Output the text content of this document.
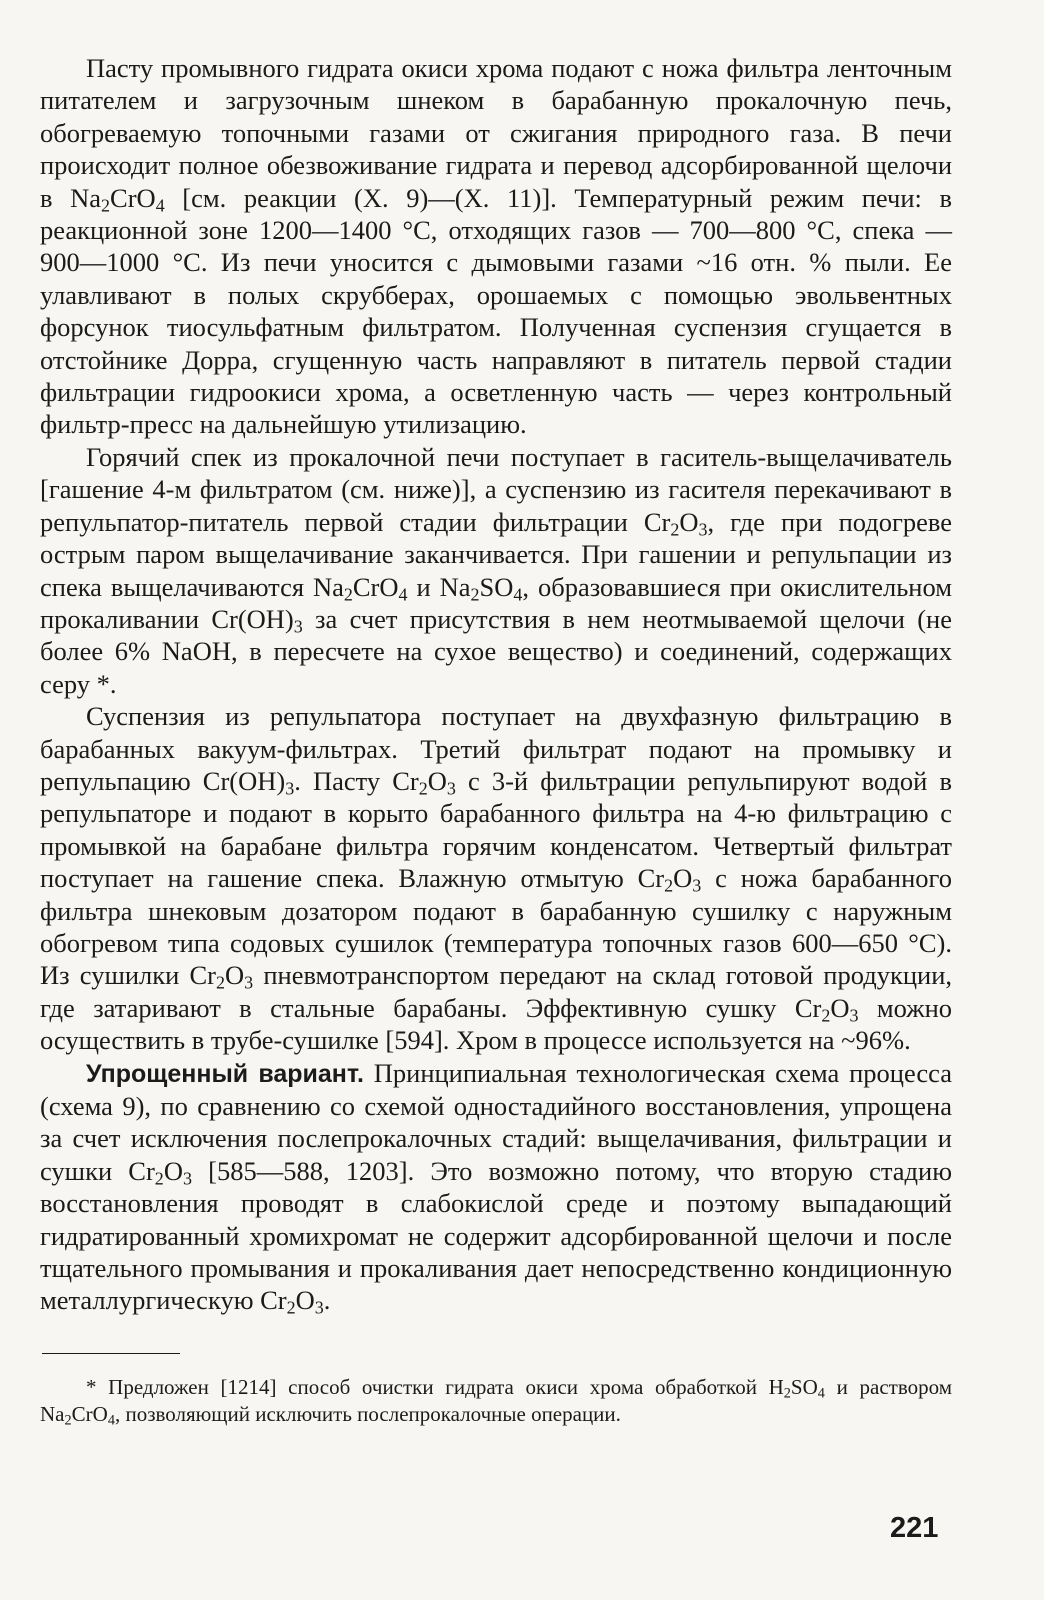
Пасту промывного гидрата окиси хрома подают с ножа фильтра ленточным питателем и загрузочным шнеком в барабанную прокалочную печь, обогреваемую топочными газами от сжигания природного газа. В печи происходит полное обезвоживание гидрата и перевод адсорбированной щелочи в $Na_2CrO_4$ [см. реакции (X. 9)—(X. 11)]. Температурный режим печи: в реакционной зоне 1200—1400 °C, отходящих газов — 700—800 °C, спека — 900—1000 °C. Из печи уносится с дымовыми газами ~16 отн. % пыли. Ее улавливают в полых скрубберах, орошаемых с помощью эвольвентных форсунок тиосульфатным фильтратом. Полученная суспензия сгущается в отстойнике Дорра, сгущенную часть направляют в питатель первой стадии фильтрации гидроокиси хрома, а осветленную часть — через контрольный фильтр-пресс на дальнейшую утилизацию.

Горячий спек из прокалочной печи поступает в гаситель-выщелачиватель [гашение 4-м фильтратом (см. ниже)], а суспензию из гасителя перекачивают в репульпатор-питатель первой стадии фильтрации $Cr_2O_3$, где при подогреве острым паром выщелачивание заканчивается. При гашении и репульпации из спека выщелачиваются $Na_2CrO_4$ и $Na_2SO_4$, образовавшиеся при окислительном прокаливании $Cr(OH)_3$ за счет присутствия в нем неотмываемой щелочи (не более 6% NaOH, в пересчете на сухое вещество) и соединений, содержащих серу *.

Суспензия из репульпатора поступает на двухфазную фильтрацию в барабанных вакуум-фильтрах. Третий фильтрат подают на промывку и репульпацию $Cr(OH)_3$. Пасту $Cr_2O_3$ с 3-й фильтрации репульпируют водой в репульпаторе и подают в корыто барабанного фильтра на 4-ю фильтрацию с промывкой на барабане фильтра горячим конденсатом. Четвертый фильтрат поступает на гашение спека. Влажную отмытую $Cr_2O_3$ с ножа барабанного фильтра шнековым дозатором подают в барабанную сушилку с наружным обогревом типа содовых сушилок (температура топочных газов 600—650 °C). Из сушилки $Cr_2O_3$ пневмотранспортом передают на склад готовой продукции, где затаривают в стальные барабаны. Эффективную сушку $Cr_2O_3$ можно осуществить в трубе-сушилке [594]. Хром в процессе используется на ~96%.

Упрощенный вариант. Принципиальная технологическая схема процесса (схема 9), по сравнению со схемой одностадийного восстановления, упрощена за счет исключения послепрокалочных стадий: выщелачивания, фильтрации и сушки $Cr_2O_3$ [585—588, 1203]. Это возможно потому, что вторую стадию восстановления проводят в слабокислой среде и поэтому выпадающий гидратированный хромихромат не содержит адсорбированной щелочи и после тщательного промывания и прокаливания дает непосредственно кондиционную металлургическую $Cr_2O_3$.

* Предложен [1214] способ очистки гидрата окиси хрома обработкой $H_2SO_4$ и раствором $Na_2CrO_4$, позволяющий исключить послепрокалочные операции.

221
